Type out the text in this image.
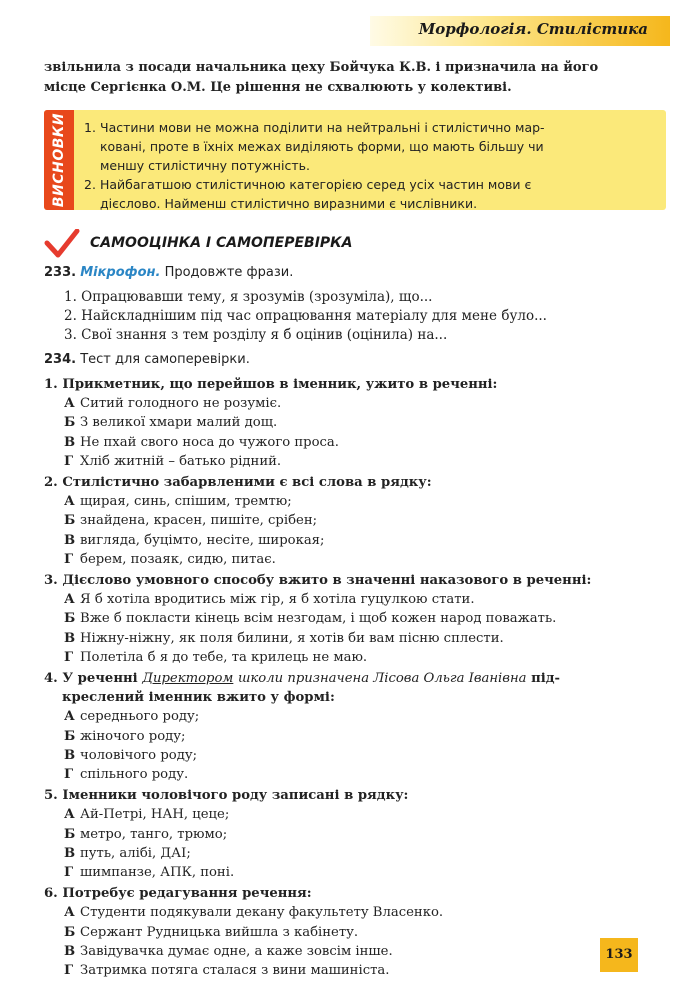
Морфологія. Стилістика
звільнила з посади начальника цеху Бойчука К.В. і призначила на його
місце Сергієнка О.М. Це рішення не схвалюють у колективі.
ВИСНОВКИ 1. Частини мови не можна поділити на нейтральні і стилістично мар-
ковані, проте в їхніх межах виділяють форми, що мають більшу чи
меншу стилістичну потужність.
2. Найбагатшою стилістичною категорією серед усіх частин мови є
дієслово. Найменш стилістично виразними є числівники.
САМООЦІНКА І САМОПЕРЕВІРКА
233. Мікрофон. Продовжте фрази.
1. Опрацювавши тему, я зрозумів (зрозуміла), що...
2. Найскладнішим під час опрацювання матеріалу для мене було...
3. Свої знання з тем розділу я б оцінив (оцінила) на...
234. Тест для самоперевірки.
1. Прикметник, що перейшов в іменник, ужито в реченні:
А Ситий голодного не розуміє.
Б З великої хмари малий дощ.
В Не пхай свого носа до чужого проса.
Г Хліб житній – батько рідний.
2. Стилістично забарвленими є всі слова в рядку:
А щирая, синь, спішим, тремтю;
Б знайдена, красен, пишіте, срібен;
В вигляда, буцімто, несіте, широкая;
Г берем, позаяк, сидю, питає.
3. Дієслово умовного способу вжито в значенні наказового в реченні:
А Я б хотіла вродитись між гір, я б хотіла гуцулкою стати.
Б Вже б покласти кінець всім незгодам, і щоб кожен народ поважать.
В Ніжну-ніжну, як поля билини, я хотів би вам пісню сплести.
Г Полетіла б я до тебе, та крилець не маю.
4. У реченні Директором школи призначена Лісова Ольга Іванівна під-
креслений іменник вжито у формі:
А середнього роду;
Б жіночого роду;
В чоловічого роду;
Г спільного роду.
5. Іменники чоловічого роду записані в рядку:
А Ай-Петрі, НАН, цеце;
Б метро, танго, трюмо;
В путь, алібі, ДАІ;
Г шимпанзе, АПК, поні.
6. Потребує редагування речення:
А Студенти подякували декану факультету Власенко.
Б Сержант Рудницька вийшла з кабінету.
В Завідувачка думає одне, а каже зовсім інше.
Г Затримка потяга сталася з вини машиніста.
133
